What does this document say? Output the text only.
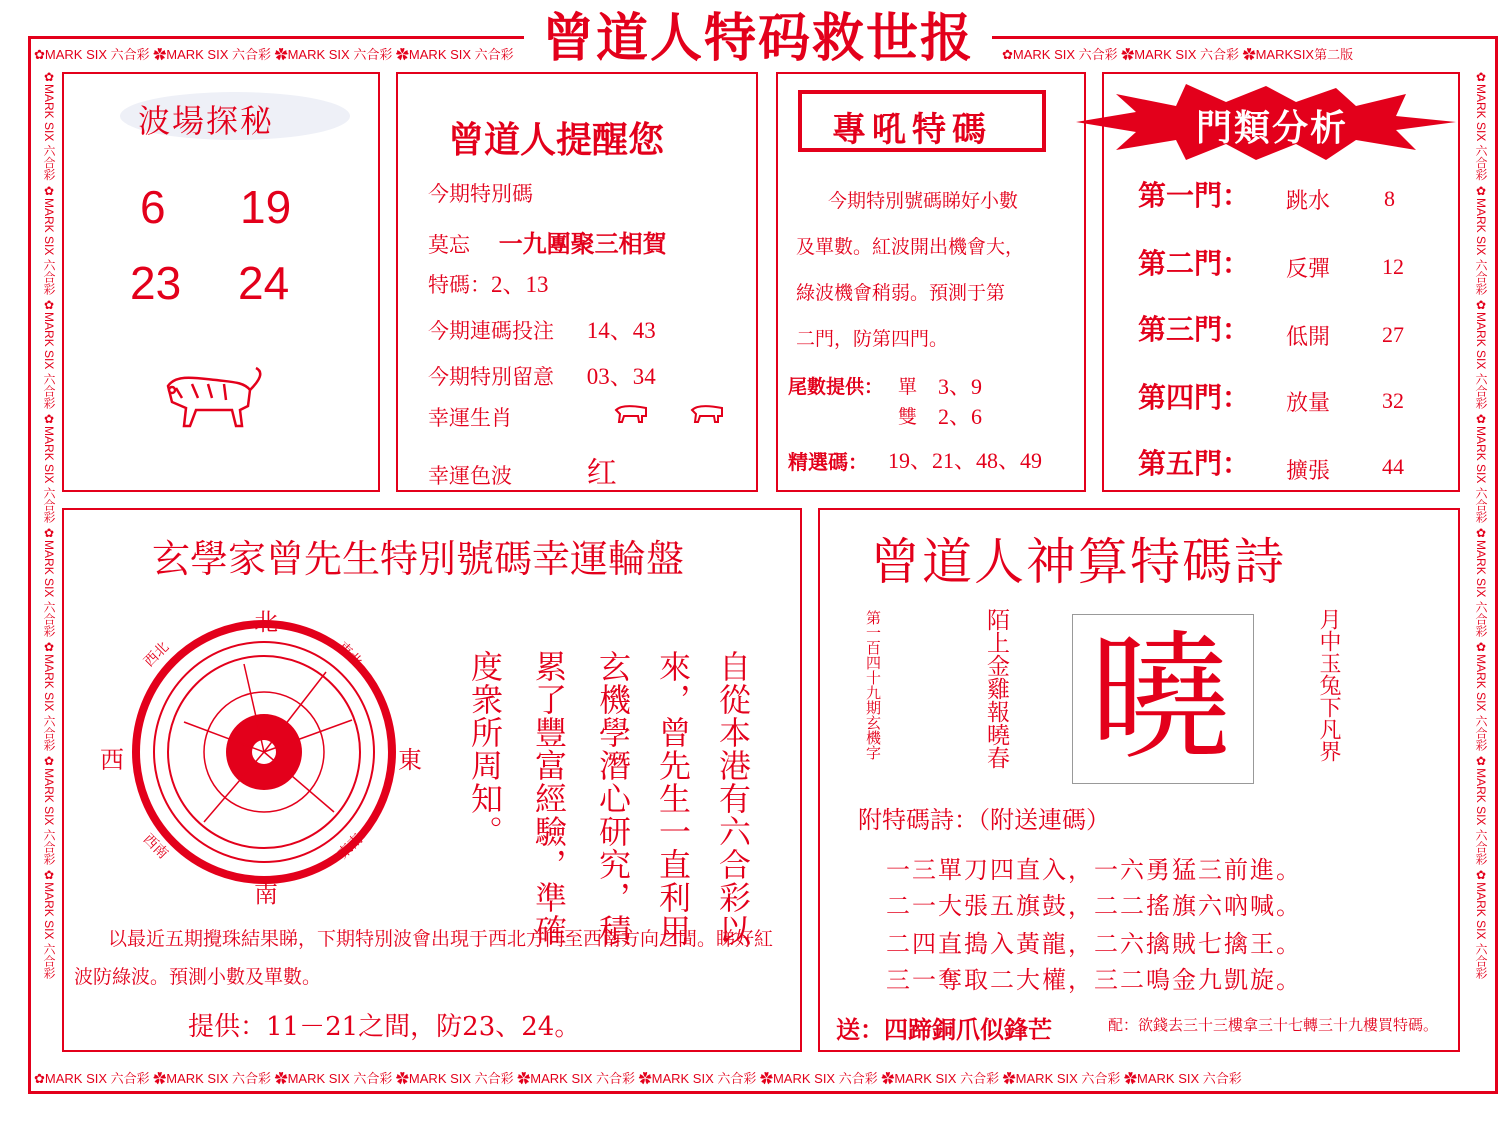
✿MARK SIX 六合彩 ✿MARK SIX 六合彩 ✿MARK SIX 六合彩 ✿MARK SIX 六合彩	✿MARK SIX 六合彩 ✿MARK SIX 六合彩 ✿MARKSIX第二版
✿MARK SIX 六合彩 ✿MARK SIX 六合彩 ✿MARK SIX 六合彩 ✿MARK SIX 六合彩 ✿MARK SIX 六合彩 ✿MARK SIX 六合彩 ✿MARK SIX 六合彩 ✿MARK SIX 六合彩 ✿MARK SIX 六合彩 ✿MARK SIX 六合彩
✿MARK SIX 六合彩 ✿MARK SIX 六合彩 ✿MARK SIX 六合彩 ✿MARK SIX 六合彩 ✿MARK SIX 六合彩 ✿MARK SIX 六合彩 ✿MARK SIX 六合彩 ✿MARK SIX 六合彩	✿MARK SIX 六合彩 ✿MARK SIX 六合彩 ✿MARK SIX 六合彩 ✿MARK SIX 六合彩 ✿MARK SIX 六合彩 ✿MARK SIX 六合彩 ✿MARK SIX 六合彩 ✿MARK SIX 六合彩
曾道人特码救世报
波場探秘
6 19
23 24
曾道人提醒您
今期特別碼
莫忘 一九團聚三相賀
特碼：2、13
今期連碼投注 14、43
今期特別留意 03、34
幸運生肖
幸運色波 红
專吼特碼
今期特別號碼睇好小數
及單數。紅波開出機會大，
綠波機會稍弱。預測于第
二門，防第四門。
尾數提供： 單 3、9
雙 2、6
精選碼： 19、21、48、49
門類分析
第一門： 跳水 8
第二門： 反彈 12
第三門： 低開 27
第四門： 放量 32
第五門： 擴張 44
玄學家曾先生特別號碼幸運輪盤
北
南
西	東
西北	東北
西南	東南	自從本港有六合彩以
來，曾先生一直利用
玄機學潛心研究，積
累了豐富經驗，準確
度衆所周知。
以最近五期攪珠結果睇，下期特別波會出現于西北方向至西南方向之間。睇好紅波防綠波。預測小數及單數。
提供：11－21之間，防23、24。
曾道人神算特碼詩
第一百四十九期玄機字	陌上金雞報曉春 曉	月中玉兔下凡界
附特碼詩：（附送連碼）
一三單刀四直入，一六勇猛三前進。
二一大張五旗鼓，二二搖旗六吶喊。
二四直搗入黃龍，二六擒賊七擒王。
三一奪取二大權，三二鳴金九凱旋。
送：四蹄銅爪似鋒芒	配：欲錢去三十三樓拿三十七轉三十九樓買特碼。
